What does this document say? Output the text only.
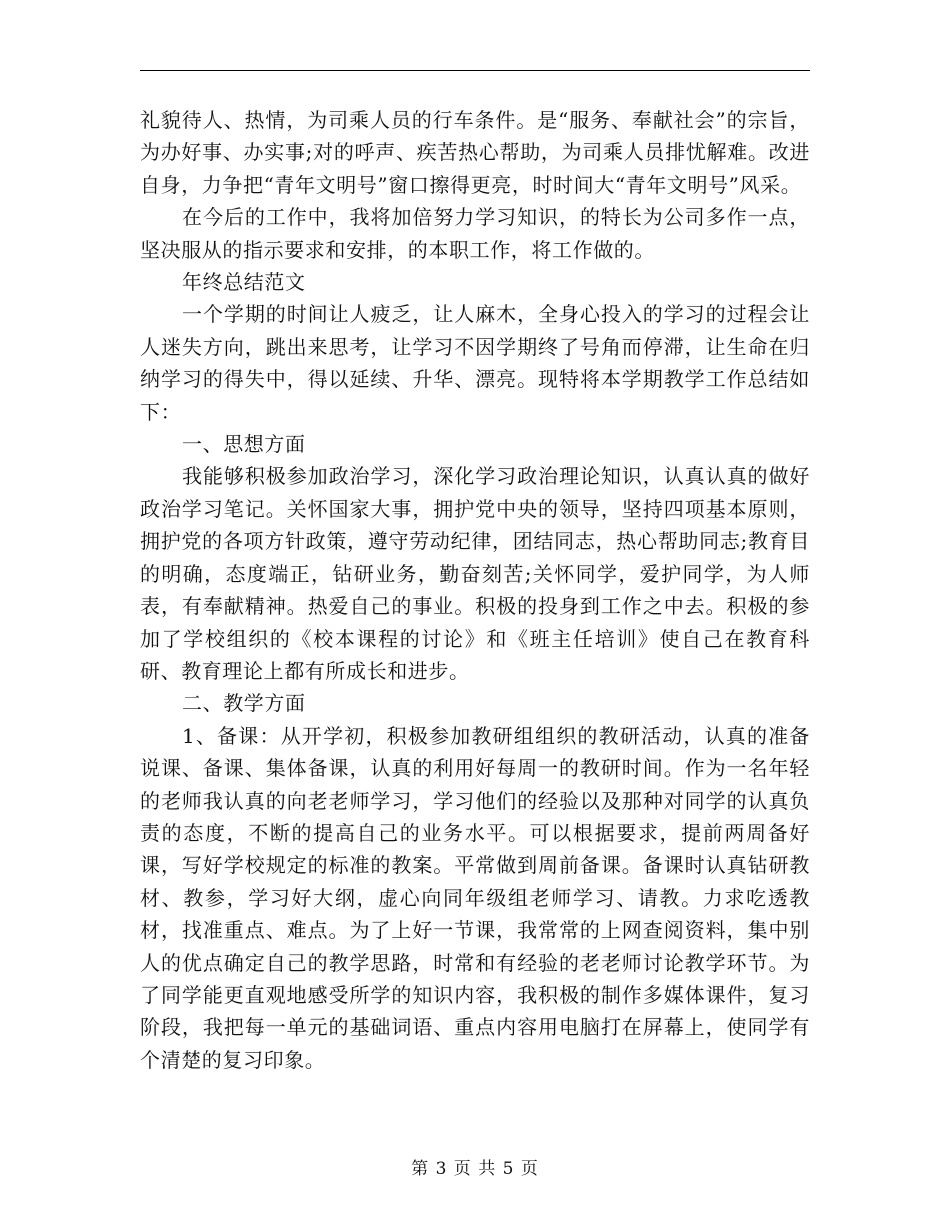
礼貌待人、热情，为司乘人员的行车条件。是“服务、奉献社会”的宗旨，为办好事、办实事;对的呼声、疾苦热心帮助，为司乘人员排忧解难。改进自身，力争把“青年文明号”窗口擦得更亮，时时间大“青年文明号”风采。

在今后的工作中，我将加倍努力学习知识，的特长为公司多作一点，坚决服从的指示要求和安排，的本职工作，将工作做的。

年终总结范文

一个学期的时间让人疲乏，让人麻木，全身心投入的学习的过程会让人迷失方向，跳出来思考，让学习不因学期终了号角而停滞，让生命在归纳学习的得失中，得以延续、升华、漂亮。现特将本学期教学工作总结如下：

一、思想方面

我能够积极参加政治学习，深化学习政治理论知识，认真认真的做好政治学习笔记。关怀国家大事，拥护党中央的领导，坚持四项基本原则，拥护党的各项方针政策，遵守劳动纪律，团结同志，热心帮助同志;教育目的明确，态度端正，钻研业务，勤奋刻苦;关怀同学，爱护同学，为人师表，有奉献精神。热爱自己的事业。积极的投身到工作之中去。积极的参加了学校组织的《校本课程的讨论》和《班主任培训》使自己在教育科研、教育理论上都有所成长和进步。

二、教学方面

1、备课：从开学初，积极参加教研组组织的教研活动，认真的准备说课、备课、集体备课，认真的利用好每周一的教研时间。作为一名年轻的老师我认真的向老老师学习，学习他们的经验以及那种对同学的认真负责的态度，不断的提高自己的业务水平。可以根据要求，提前两周备好课，写好学校规定的标准的教案。平常做到周前备课。备课时认真钻研教材、教参，学习好大纲，虚心向同年级组老师学习、请教。力求吃透教材，找准重点、难点。为了上好一节课，我常常的上网查阅资料，集中别人的优点确定自己的教学思路，时常和有经验的老老师讨论教学环节。为了同学能更直观地感受所学的知识内容，我积极的制作多媒体课件，复习阶段，我把每一单元的基础词语、重点内容用电脑打在屏幕上，使同学有个清楚的复习印象。

第 3 页 共 5 页
